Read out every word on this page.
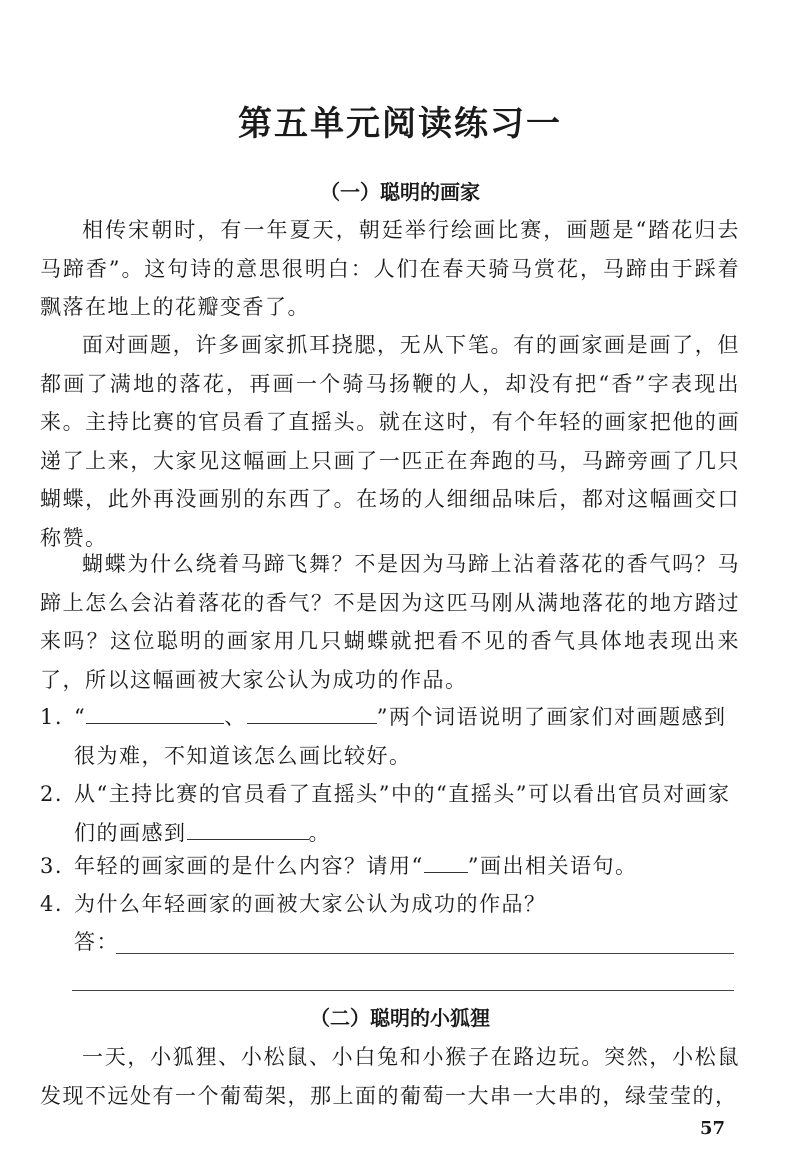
第五单元阅读练习一
（一）聪明的画家
相传宋朝时，有一年夏天，朝廷举行绘画比赛，画题是“踏花归去马蹄香”。这句诗的意思很明白：人们在春天骑马赏花，马蹄由于踩着飘落在地上的花瓣变香了。
面对画题，许多画家抓耳挠腮，无从下笔。有的画家画是画了，但都画了满地的落花，再画一个骑马扬鞭的人，却没有把“香”字表现出来。主持比赛的官员看了直摇头。就在这时，有个年轻的画家把他的画递了上来，大家见这幅画上只画了一匹正在奔跑的马，马蹄旁画了几只蝴蝶，此外再没画别的东西了。在场的人细细品味后，都对这幅画交口称赞。
蝴蝶为什么绕着马蹄飞舞？不是因为马蹄上沾着落花的香气吗？马蹄上怎么会沾着落花的香气？不是因为这匹马刚从满地落花的地方踏过来吗？这位聪明的画家用几只蝴蝶就把看不见的香气具体地表现出来了，所以这幅画被大家公认为成功的作品。
1. “	、	”两个词语说明了画家们对画题感到很为难，不知道该怎么画比较好。
2. 从“主持比赛的官员看了直摇头”中的“直摇头”可以看出官员对画家们的画感到	。
3. 年轻的画家画的是什么内容？请用“ ”画出相关语句。
4. 为什么年轻画家的画被大家公认为成功的作品？
答：
（二）聪明的小狐狸
一天，小狐狸、小松鼠、小白兔和小猴子在路边玩。突然，小松鼠发现不远处有一个葡萄架，那上面的葡萄一大串一大串的，绿莹莹的，
57
